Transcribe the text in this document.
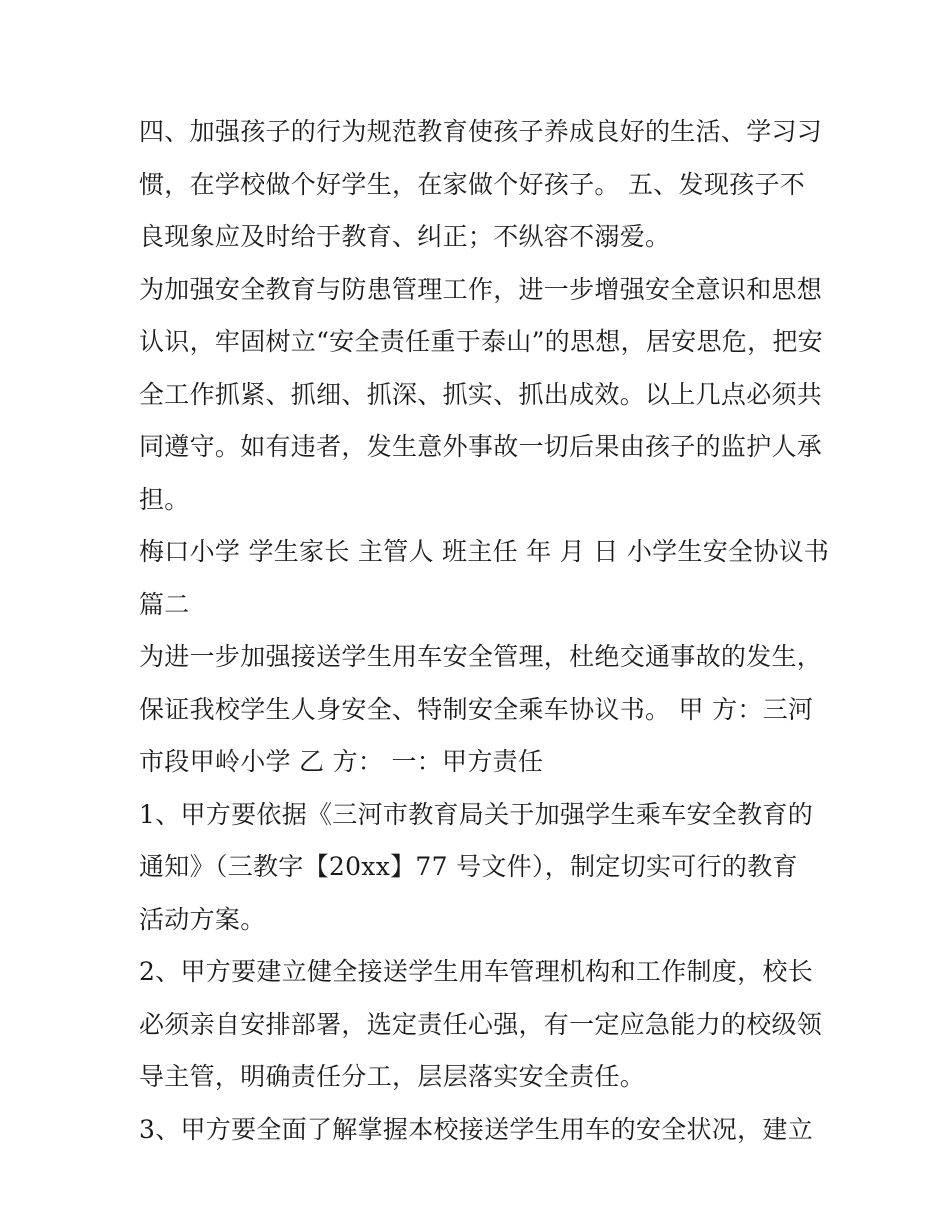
四、加强孩子的行为规范教育使孩子养成良好的生活、学习习
惯，在学校做个好学生，在家做个好孩子。 五、发现孩子不
良现象应及时给于教育、纠正；不纵容不溺爱。
为加强安全教育与防患管理工作，进一步增强安全意识和思想
认识，牢固树立“安全责任重于泰山”的思想，居安思危，把安
全工作抓紧、抓细、抓深、抓实、抓出成效。以上几点必须共
同遵守。如有违者，发生意外事故一切后果由孩子的监护人承
担。
梅口小学 学生家长 主管人 班主任 年 月 日 小学生安全协议书
篇二
为进一步加强接送学生用车安全管理，杜绝交通事故的发生，
保证我校学生人身安全、特制安全乘车协议书。 甲 方：三河
市段甲岭小学 乙 方： 一：甲方责任
1、甲方要依据《三河市教育局关于加强学生乘车安全教育的
通知》（三教字【20xx】77 号文件），制定切实可行的教育
活动方案。
2、甲方要建立健全接送学生用车管理机构和工作制度，校长
必须亲自安排部署，选定责任心强，有一定应急能力的校级领
导主管，明确责任分工，层层落实安全责任。
3、甲方要全面了解掌握本校接送学生用车的安全状况，建立
